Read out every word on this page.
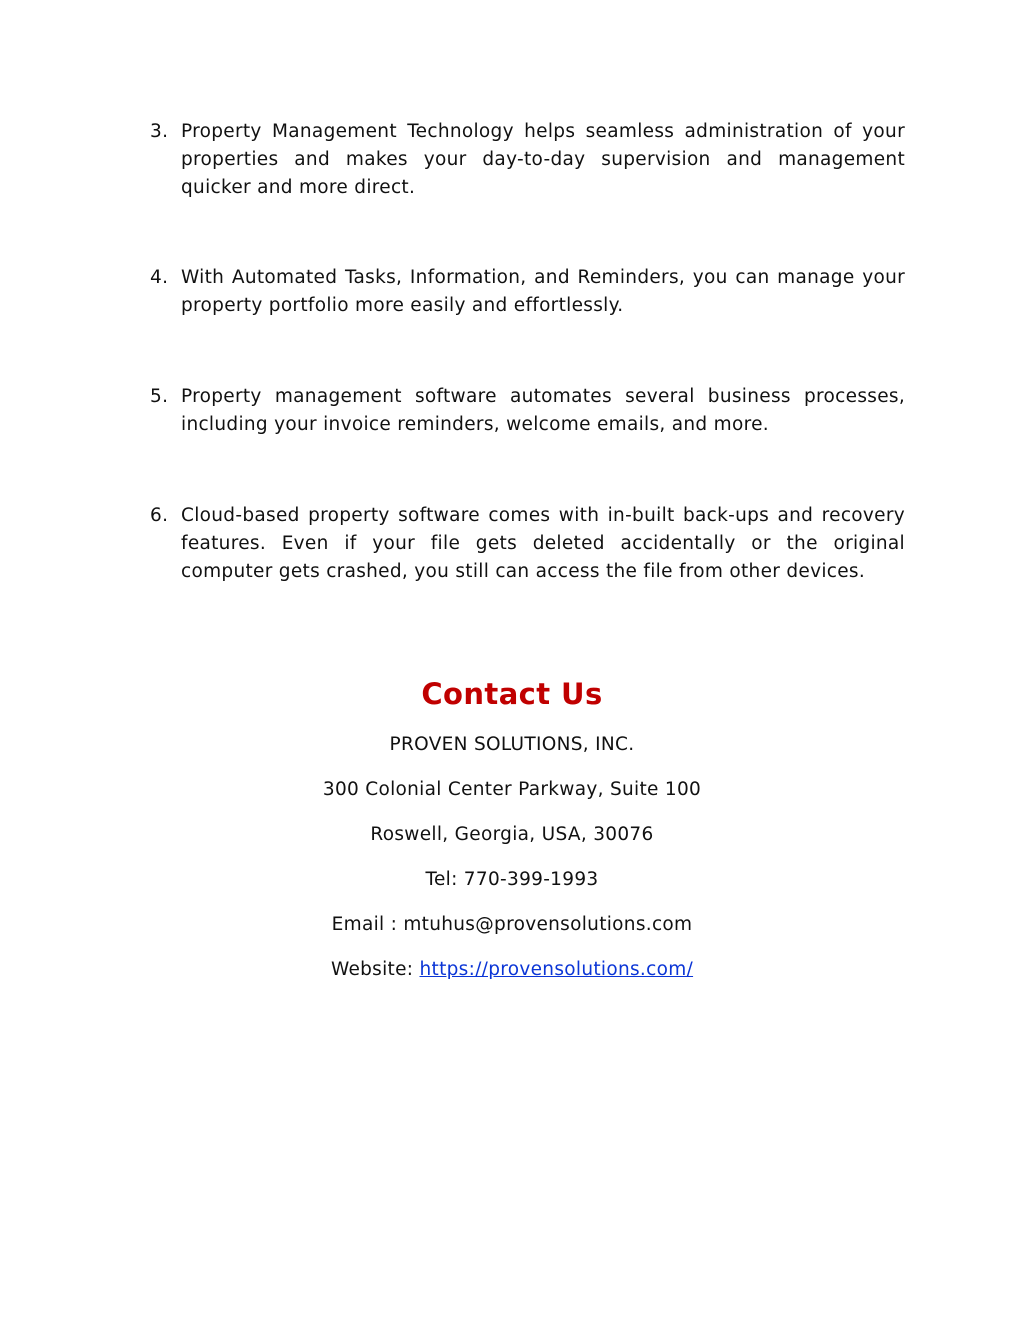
3. Property Management Technology helps seamless administration of your properties and makes your day-to-day supervision and management quicker and more direct.
4. With Automated Tasks, Information, and Reminders, you can manage your property portfolio more easily and effortlessly.
5. Property management software automates several business processes, including your invoice reminders, welcome emails, and more.
6. Cloud-based property software comes with in-built back-ups and recovery features. Even if your file gets deleted accidentally or the original computer gets crashed, you still can access the file from other devices.
Contact Us

PROVEN SOLUTIONS, INC.

300 Colonial Center Parkway, Suite 100

Roswell, Georgia, USA, 30076

Tel: 770-399-1993

Email : mtuhus@provensolutions.com

Website: https://provensolutions.com/
